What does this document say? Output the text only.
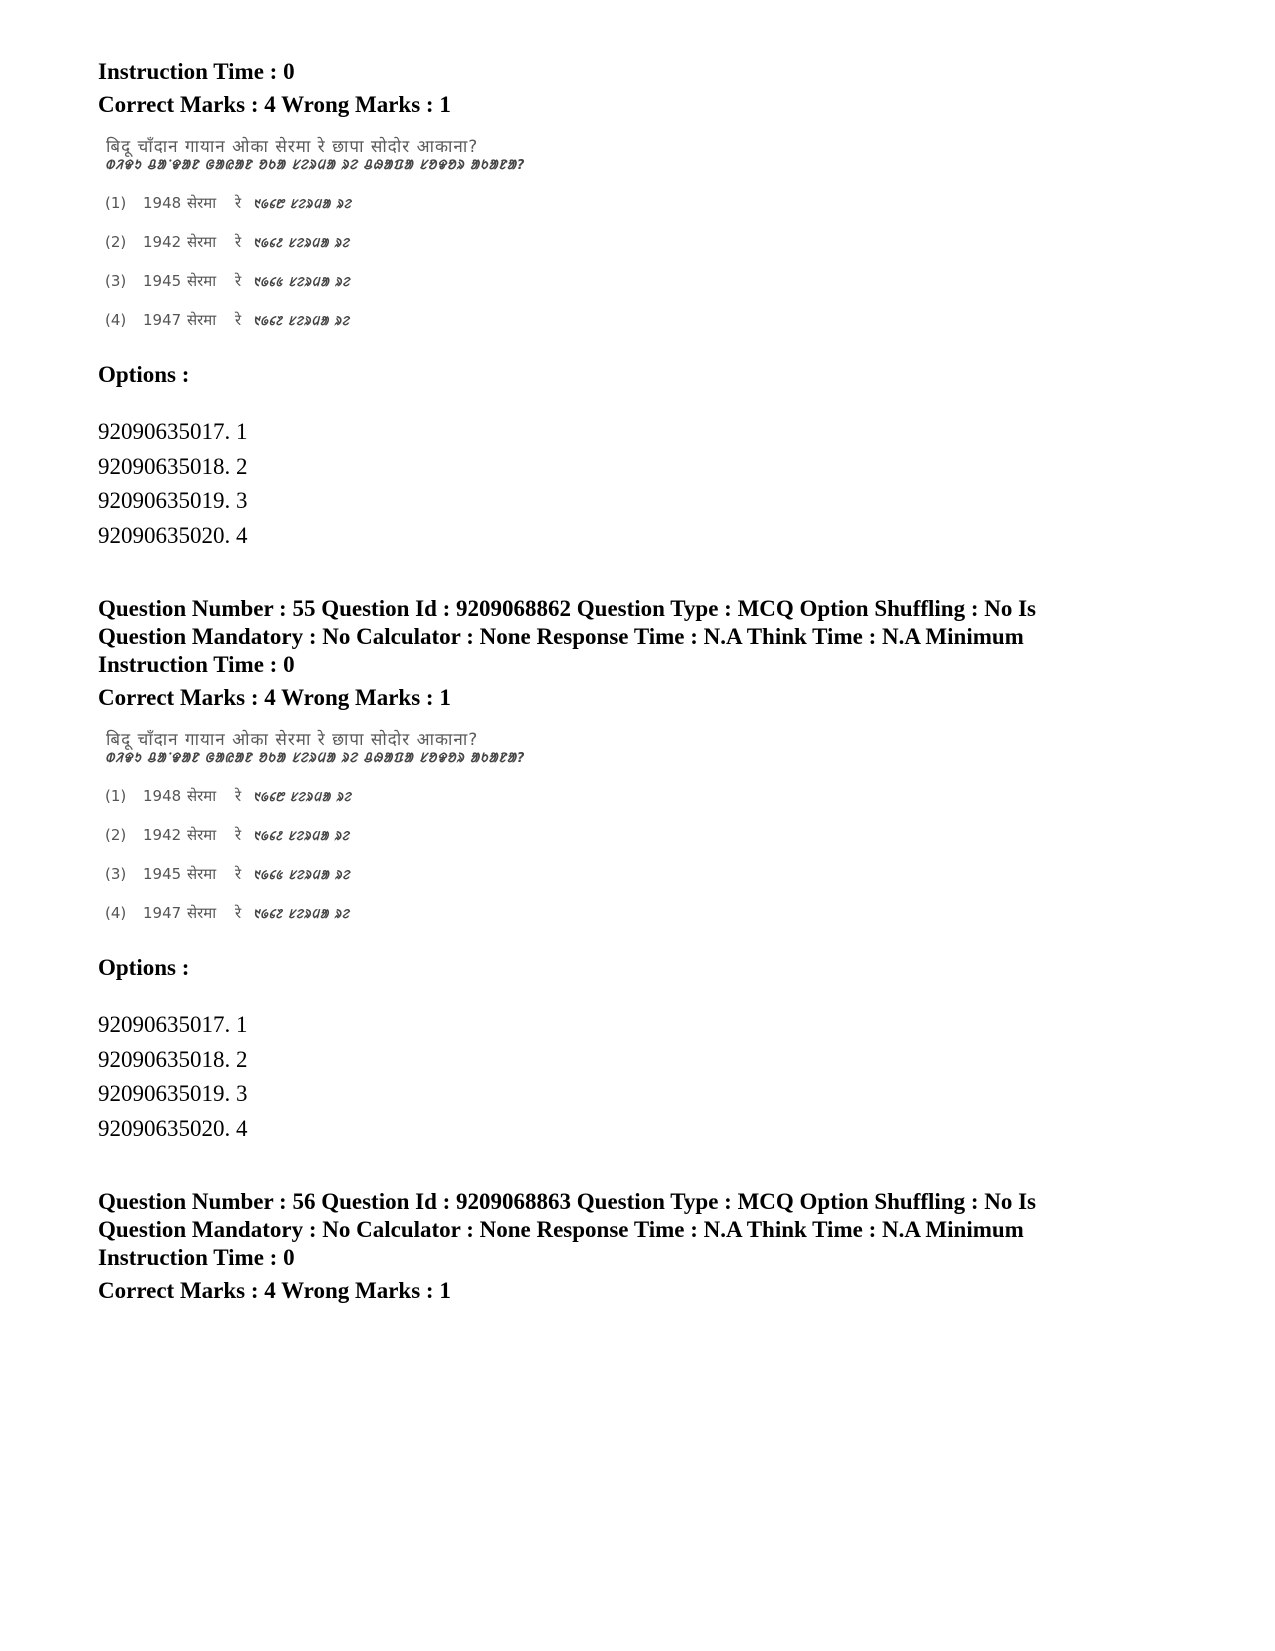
Instruction Time : 0

Correct Marks : 4 Wrong Marks : 1

बिदू चाँदान गायान ओका सेरमा रे छापा सोदोर आकाना?
ᱵᱤᱫᱩ ᱪᱟᱸᱫᱟᱱ ᱜᱟᱭᱟᱱ ᱚᱠᱟ ᱥᱮᱨᱢᱟ ᱨᱮ ᱪᱷᱟᱯᱟ ᱥᱚᱫᱚᱨ ᱟᱠᱟᱱᱟ?
(1) 1948 सेरमा रे ᱑᱙᱔᱘ ᱥᱮᱨᱢᱟ ᱨᱮ
(2) 1942 सेरमा रे ᱑᱙᱔᱒ ᱥᱮᱨᱢᱟ ᱨᱮ
(3) 1945 सेरमा रे ᱑᱙᱔᱕ ᱥᱮᱨᱢᱟ ᱨᱮ
(4) 1947 सेरमा रे ᱑᱙᱔᱗ ᱥᱮᱨᱢᱟ ᱨᱮ

Options :

92090635017. 1

92090635018. 2

92090635019. 3

92090635020. 4

Question Number : 55 Question Id : 9209068862 Question Type : MCQ Option Shuffling : No Is

Question Mandatory : No Calculator : None Response Time : N.A Think Time : N.A Minimum

Instruction Time : 0

Correct Marks : 4 Wrong Marks : 1

बिदू चाँदान गायान ओका सेरमा रे छापा सोदोर आकाना?
ᱵᱤᱫᱩ ᱪᱟᱸᱫᱟᱱ ᱜᱟᱭᱟᱱ ᱚᱠᱟ ᱥᱮᱨᱢᱟ ᱨᱮ ᱪᱷᱟᱯᱟ ᱥᱚᱫᱚᱨ ᱟᱠᱟᱱᱟ?
(1) 1948 सेरमा रे ᱑᱙᱔᱘ ᱥᱮᱨᱢᱟ ᱨᱮ
(2) 1942 सेरमा रे ᱑᱙᱔᱒ ᱥᱮᱨᱢᱟ ᱨᱮ
(3) 1945 सेरमा रे ᱑᱙᱔᱕ ᱥᱮᱨᱢᱟ ᱨᱮ
(4) 1947 सेरमा रे ᱑᱙᱔᱗ ᱥᱮᱨᱢᱟ ᱨᱮ

Options :

92090635017. 1

92090635018. 2

92090635019. 3

92090635020. 4

Question Number : 56 Question Id : 9209068863 Question Type : MCQ Option Shuffling : No Is

Question Mandatory : No Calculator : None Response Time : N.A Think Time : N.A Minimum

Instruction Time : 0

Correct Marks : 4 Wrong Marks : 1
